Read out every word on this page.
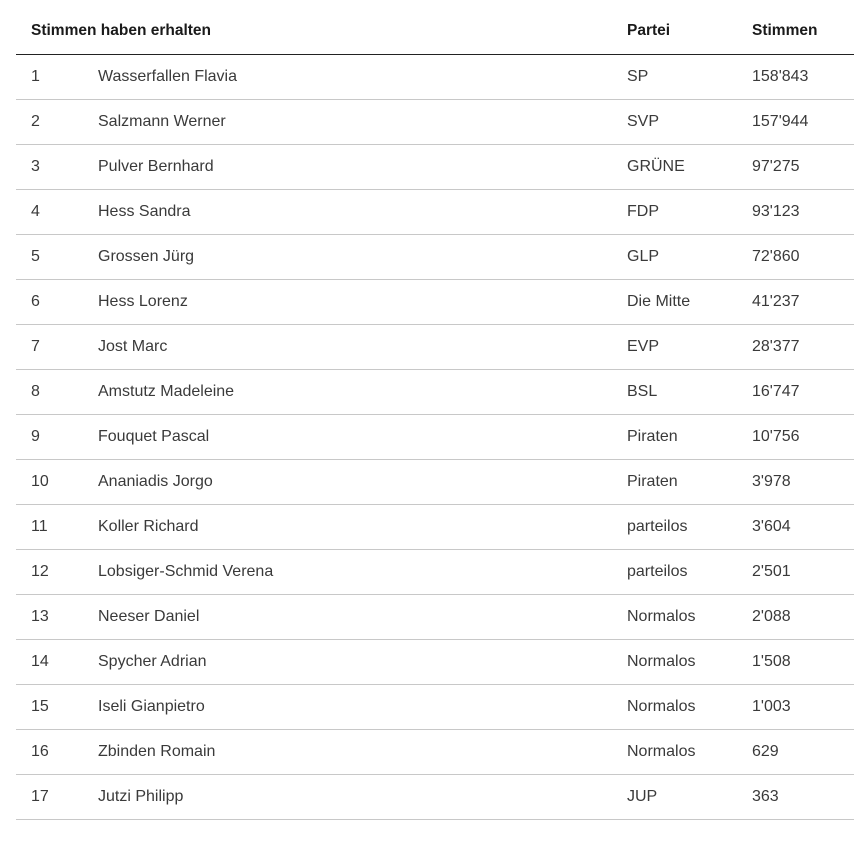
Stimmen haben erhalten	Partei	Stimmen
1	Wasserfallen Flavia	SP	158'843
2	Salzmann Werner	SVP	157'944
3	Pulver Bernhard	GRÜNE	97'275
4	Hess Sandra	FDP	93'123
5	Grossen Jürg	GLP	72'860
6	Hess Lorenz	Die Mitte	41'237
7	Jost Marc	EVP	28'377
8	Amstutz Madeleine	BSL	16'747
9	Fouquet Pascal	Piraten	10'756
10	Ananiadis Jorgo	Piraten	3'978
11	Koller Richard	parteilos	3'604
12	Lobsiger-Schmid Verena	parteilos	2'501
13	Neeser Daniel	Normalos	2'088
14	Spycher Adrian	Normalos	1'508
15	Iseli Gianpietro	Normalos	1'003
16	Zbinden Romain	Normalos	629
17	Jutzi Philipp	JUP	363
